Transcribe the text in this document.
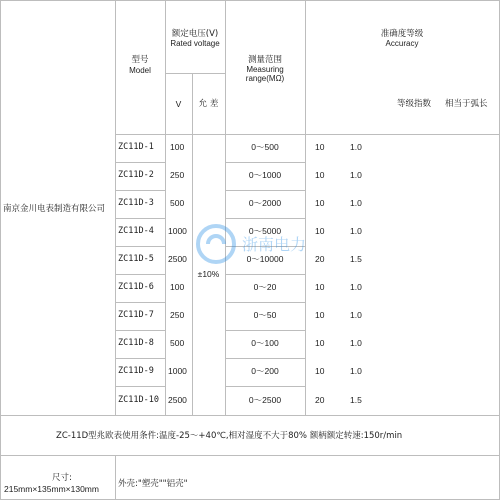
南京金川电表制造有限公司
型号
Model
额定电压(V)
Rated voltage
V	允 差
测量范围
Measuring
range(MΩ)
准确度等级
Accuracy
等级指数 相当于弧长
±10%
ZC11D-1 100	0～500	10	1.0
ZC11D-2 250	0～1000	10	1.0
ZC11D-3 500	0～2000	10	1.0
ZC11D-4 1000	0～5000	10	1.0
ZC11D-5 2500	0～10000	20	1.5
ZC11D-6 100	0～20	10	1.0
ZC11D-7 250	0～50	10	1.0
ZC11D-8 500	0～100	10	1.0
ZC11D-9 1000	0～200	10	1.0
ZC11D-10 2500	0～2500	20	1.5
ZC-11D型兆欧表使用条件:温度-25～+40℃,相对湿度不大于80% 额柄额定转速:150r/min
尺寸:
215mm×135mm×130mm 外壳:"塑壳""铝壳"
浙南电力
